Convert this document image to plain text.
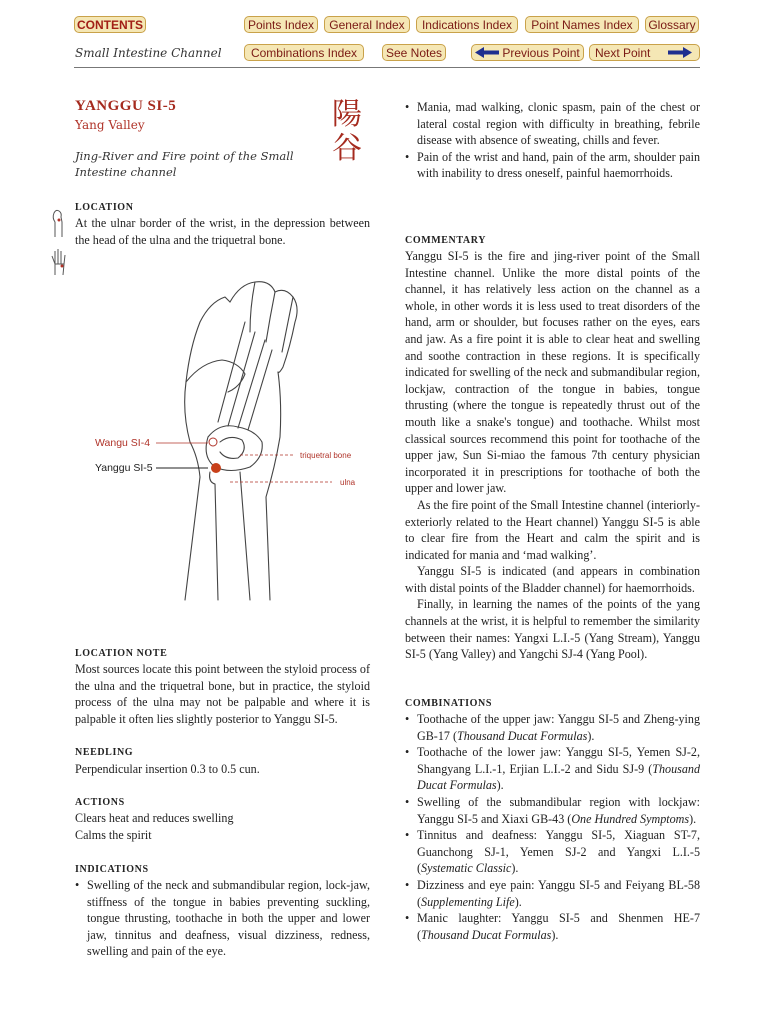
CONTENTS	Points Index	General Index	Indications Index	Point Names Index	Glossary
Small Intestine Channel	Combinations Index	See Notes	Previous Point	Next Point
YANGGU SI-5
Yang Valley
Jing-River and Fire point of the Small Intestine channel
陽
谷
LOCATION
At the ulnar border of the wrist, in the depression between the head of the ulna and the triquetral bone.
Wangu SI-4
Yanggu SI-5
triquetral bone
ulna
LOCATION NOTE
Most sources locate this point between the styloid process of the ulna and the triquetral bone, but in practice, the styloid process of the ulna may not be palpable and where it is palpable it often lies slightly posterior to Yanggu SI-5.
NEEDLING
Perpendicular insertion 0.3 to 0.5 cun.
ACTIONS
Clears heat and reduces swelling
Calms the spirit
INDICATIONS
• Swelling of the neck and submandibular region, lock-jaw, stiffness of the tongue in babies preventing suckling, tongue thrusting, toothache in both the upper and lower jaw, tinnitus and deafness, visual dizziness, redness, swelling and pain of the eye.
• Mania, mad walking, clonic spasm, pain of the chest or lateral costal region with difficulty in breathing, febrile disease with absence of sweating, chills and fever.
• Pain of the wrist and hand, pain of the arm, shoulder pain with inability to dress oneself, painful haemorrhoids.
COMMENTARY

Yanggu SI-5 is the fire and jing-river point of the Small Intestine channel. Unlike the more distal points of the channel, it has relatively less action on the channel as a whole, in other words it is less used to treat disorders of the hand, arm or shoulder, but focuses rather on the eyes, ears and jaw. As a fire point it is able to clear heat and swelling and soothe contraction in these regions. It is specifically indicated for swelling of the neck and submandibular region, lockjaw, contraction of the tongue in babies, tongue thrusting (where the tongue is repeatedly thrust out of the mouth like a snake's tongue) and toothache. Whilst most classical sources recommend this point for toothache of the upper jaw, Sun Si-miao the famous 7th century physician incorporated it in prescriptions for toothache of both the upper and lower jaw.

As the fire point of the Small Intestine channel (interiorly-exteriorly related to the Heart channel) Yanggu SI-5 is able to clear fire from the Heart and calm the spirit and is indicated for mania and ‘mad walking’.

Yanggu SI-5 is indicated (and appears in combination with distal points of the Bladder channel) for haemorrhoids.

Finally, in learning the names of the points of the yang channels at the wrist, it is helpful to remember the similarity between their names: Yangxi L.I.-5 (Yang Stream), Yanggu SI-5 (Yang Valley) and Yangchi SJ-4 (Yang Pool).

COMBINATIONS
• Toothache of the upper jaw: Yanggu SI-5 and Zheng-ying GB-17 (Thousand Ducat Formulas).
• Toothache of the lower jaw: Yanggu SI-5, Yemen SJ-2, Shangyang L.I.-1, Erjian L.I.-2 and Sidu SJ-9 (Thousand Ducat Formulas).
• Swelling of the submandibular region with lockjaw: Yanggu SI-5 and Xiaxi GB-43 (One Hundred Symptoms).
• Tinnitus and deafness: Yanggu SI-5, Xiaguan ST-7, Guanchong SJ-1, Yemen SJ-2 and Yangxi L.I.-5 (Systematic Classic).
• Dizziness and eye pain: Yanggu SI-5 and Feiyang BL-58 (Supplementing Life).
• Manic laughter: Yanggu SI-5 and Shenmen HE-7 (Thousand Ducat Formulas).
